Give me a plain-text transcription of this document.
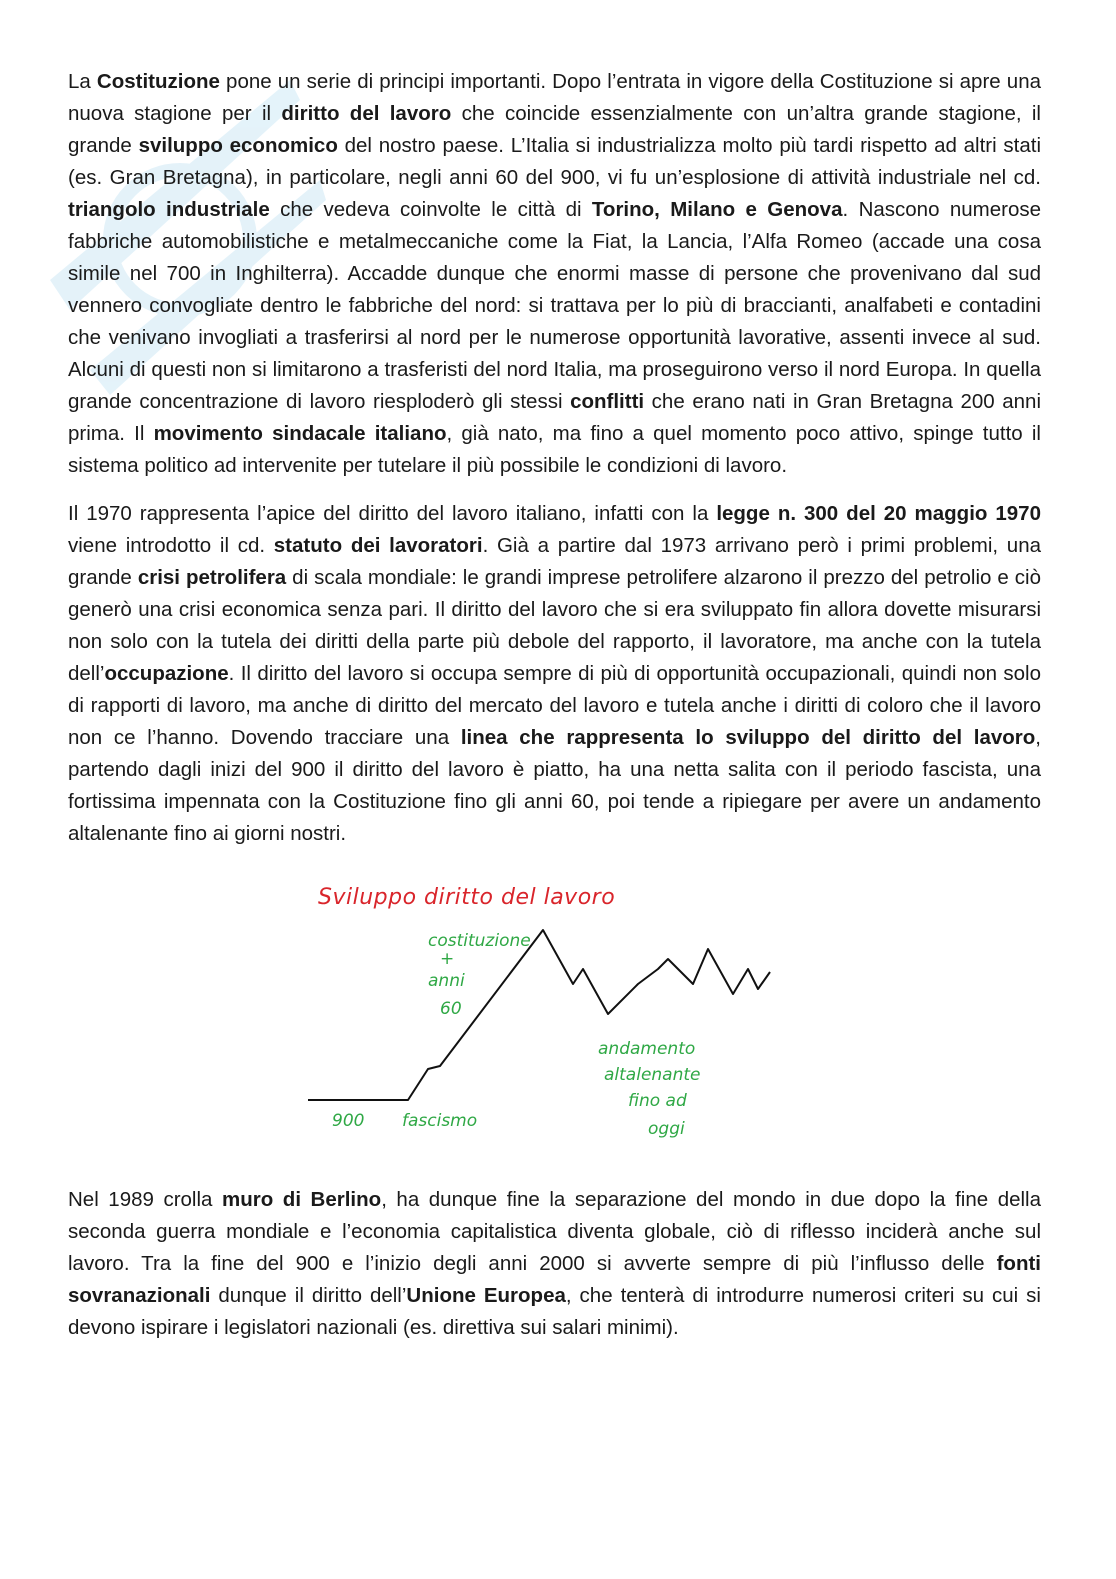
La Costituzione pone un serie di principi importanti. Dopo l’entrata in vigore della Costituzione si apre una nuova stagione per il diritto del lavoro che coincide essenzialmente con un’altra grande stagione, il grande sviluppo economico del nostro paese. L’Italia si industrializza molto più tardi rispetto ad altri stati (es. Gran Bretagna), in particolare, negli anni 60 del 900, vi fu un’esplosione di attività industriale nel cd. triangolo industriale che vedeva coinvolte le città di Torino, Milano e Genova. Nascono numerose fabbriche automobilistiche e metalmeccaniche come la Fiat, la Lancia, l’Alfa Romeo (accade una cosa simile nel 700 in Inghilterra). Accadde dunque che enormi masse di persone che provenivano dal sud vennero convogliate dentro le fabbriche del nord: si trattava per lo più di braccianti, analfabeti e contadini che venivano invogliati a trasferirsi al nord per le numerose opportunità lavorative, assenti invece al sud. Alcuni di questi non si limitarono a trasferisti del nord Italia, ma proseguirono verso il nord Europa. In quella grande concentrazione di lavoro riesploderò gli stessi conflitti che erano nati in Gran Bretagna 200 anni prima. Il movimento sindacale italiano, già nato, ma fino a quel momento poco attivo, spinge tutto il sistema politico ad intervenite per tutelare il più possibile le condizioni di lavoro.

Il 1970 rappresenta l’apice del diritto del lavoro italiano, infatti con la legge n. 300 del 20 maggio 1970 viene introdotto il cd. statuto dei lavoratori. Già a partire dal 1973 arrivano però i primi problemi, una grande crisi petrolifera di scala mondiale: le grandi imprese petrolifere alzarono il prezzo del petrolio e ciò generò una crisi economica senza pari. Il diritto del lavoro che si era sviluppato fin allora dovette misurarsi non solo con la tutela dei diritti della parte più debole del rapporto, il lavoratore, ma anche con la tutela dell’occupazione. Il diritto del lavoro si occupa sempre di più di opportunità occupazionali, quindi non solo di rapporti di lavoro, ma anche di diritto del mercato del lavoro e tutela anche i diritti di coloro che il lavoro non ce l’hanno. Dovendo tracciare una linea che rappresenta lo sviluppo del diritto del lavoro, partendo dagli inizi del 900 il diritto del lavoro è piatto, ha una netta salita con il periodo fascista, una fortissima impennata con la Costituzione fino gli anni 60, poi tende a ripiegare per avere un andamento altalenante fino ai giorni nostri.

Sviluppo diritto del lavoro
costituzione
+
anni
60
900 fascismo
andamento
altalenante
fino ad
oggi

Nel 1989 crolla muro di Berlino, ha dunque fine la separazione del mondo in due dopo la fine della seconda guerra mondiale e l’economia capitalistica diventa globale, ciò di riflesso inciderà anche sul lavoro. Tra la fine del 900 e l’inizio degli anni 2000 si avverte sempre di più l’influsso delle fonti sovranazionali dunque il diritto dell’Unione Europea, che tenterà di introdurre numerosi criteri su cui si devono ispirare i legislatori nazionali (es. direttiva sui salari minimi).
